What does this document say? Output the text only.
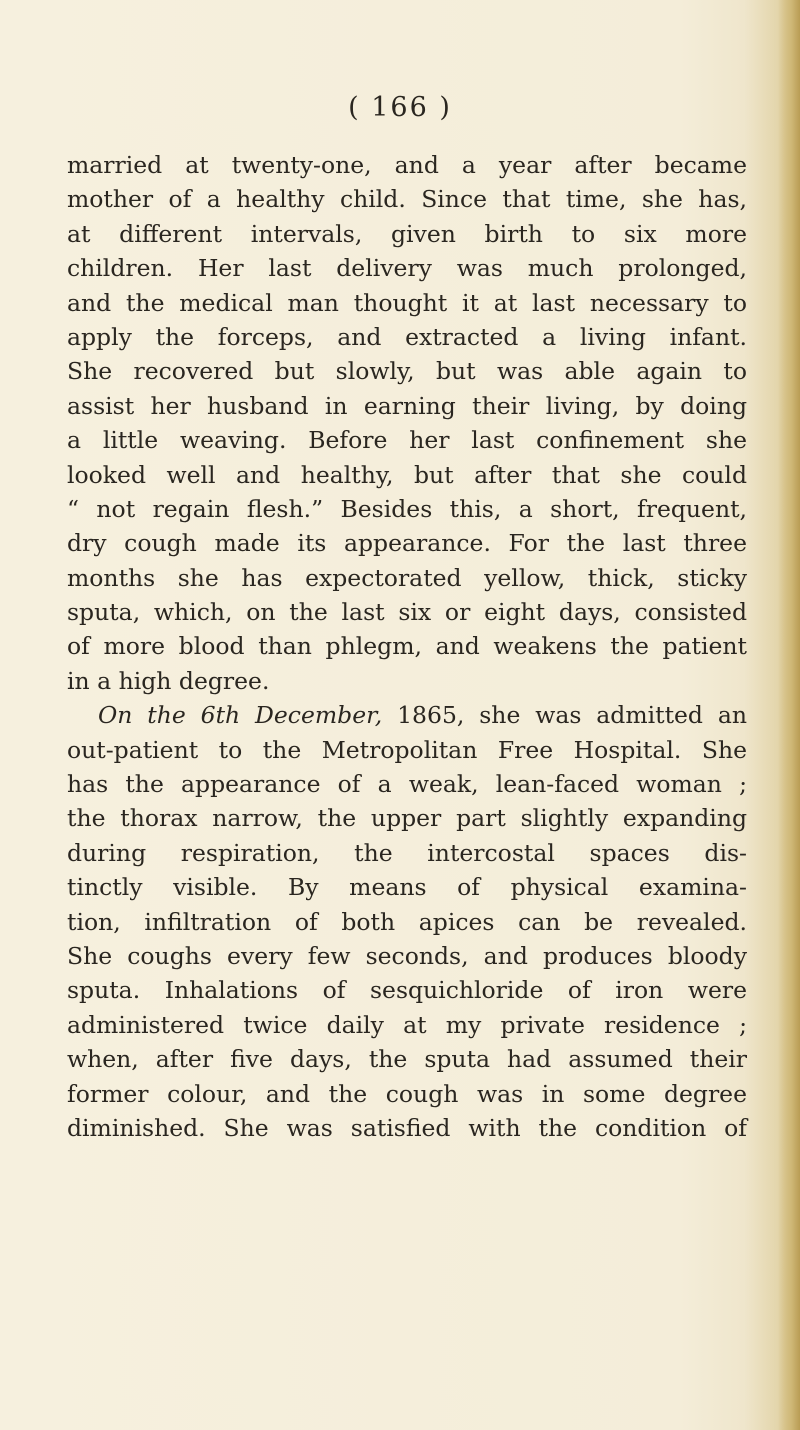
( 166 )

married at twenty-one, and a year after became
mother of a healthy child. Since that time, she has,
at different intervals, given birth to six more
children. Her last delivery was much prolonged,
and the medical man thought it at last necessary to
apply the forceps, and extracted a living infant.
She recovered but slowly, but was able again to
assist her husband in earning their living, by doing
a little weaving. Before her last confinement she
looked well and healthy, but after that she could
“ not regain flesh.” Besides this, a short, frequent,
dry cough made its appearance. For the last three
months she has expectorated yellow, thick, sticky
sputa, which, on the last six or eight days, consisted
of more blood than phlegm, and weakens the patient
in a high degree.
On the 6th December, 1865, she was admitted an
out-patient to the Metropolitan Free Hospital. She
has the appearance of a weak, lean-faced woman ;
the thorax narrow, the upper part slightly expanding
during respiration, the intercostal spaces dis-
tinctly visible. By means of physical examina-
tion, infiltration of both apices can be revealed.
She coughs every few seconds, and produces bloody
sputa. Inhalations of sesquichloride of iron were
administered twice daily at my private residence ;
when, after five days, the sputa had assumed their
former colour, and the cough was in some degree
diminished. She was satisfied with the condition of
